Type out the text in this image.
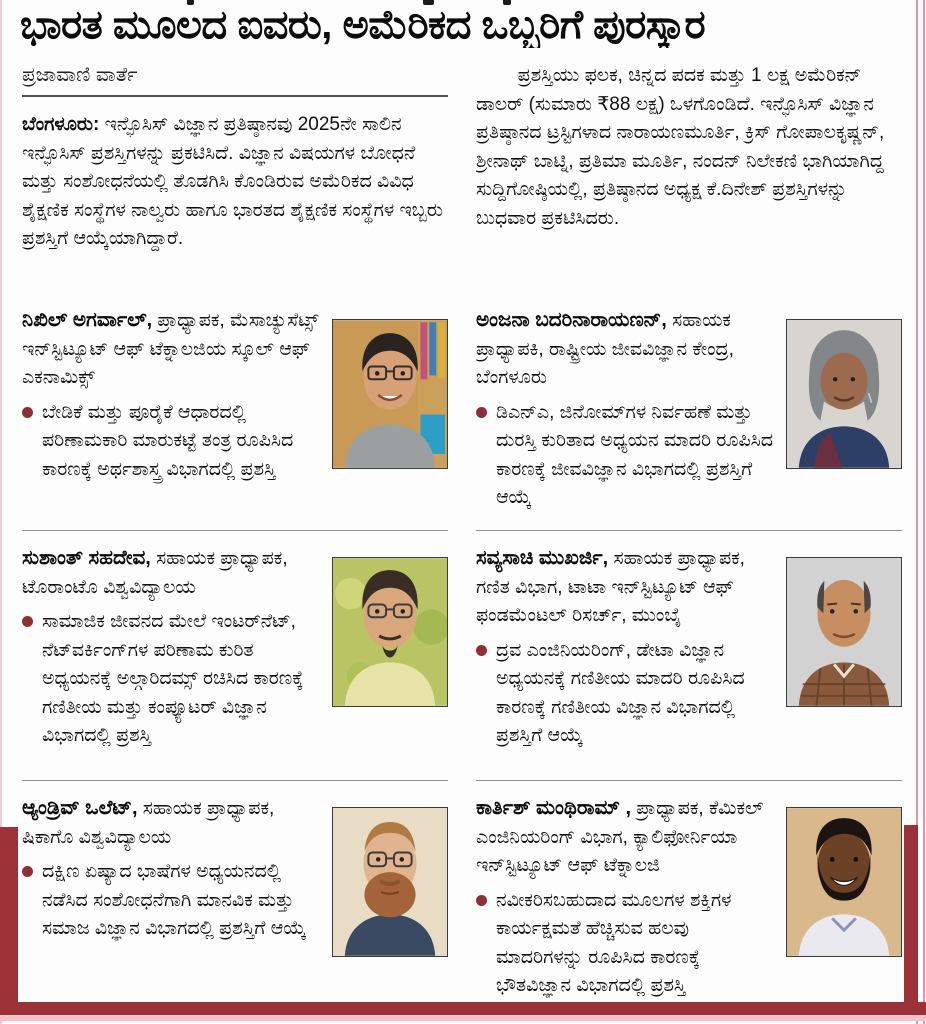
ಭಾರತ ಮೂಲದ ಐವರು, ಅಮೆರಿಕದ ಒಬ್ಬರಿಗೆ ಪುರಸ್ಕಾರ
ಪ್ರಜಾವಾಣಿ ವಾರ್ತೆ

ಬೆಂಗಳೂರು: ಇನ್ಫೊಸಿಸ್ ವಿಜ್ಞಾನ ಪ್ರತಿಷ್ಠಾನವು 2025ನೇ ಸಾಲಿನ ಇನ್ಫೊಸಿಸ್ ಪ್ರಶಸ್ತಿಗಳನ್ನು ಪ್ರಕಟಿಸಿದೆ. ವಿಜ್ಞಾನ ವಿಷಯಗಳ ಬೋಧನೆ ಮತ್ತು ಸಂಶೋಧನೆಯಲ್ಲಿ ತೊಡಗಿಸಿ ಕೊಂಡಿರುವ ಅಮೆರಿಕದ ವಿವಿಧ ಶೈಕ್ಷಣಿಕ ಸಂಸ್ಥೆಗಳ ನಾಲ್ವರು ಹಾಗೂ ಭಾರತದ ಶೈಕ್ಷಣಿಕ ಸಂಸ್ಥೆಗಳ ಇಬ್ಬರು ಪ್ರಶಸ್ತಿಗೆ ಆಯ್ಕೆಯಾಗಿದ್ದಾರೆ.

ಪ್ರಶಸ್ತಿಯು ಫಲಕ, ಚಿನ್ನದ ಪದಕ ಮತ್ತು 1 ಲಕ್ಷ ಅಮೆರಿಕನ್ ಡಾಲರ್ (ಸುಮಾರು ₹88 ಲಕ್ಷ) ಒಳಗೊಂಡಿದೆ. ಇನ್ಫೊಸಿಸ್ ವಿಜ್ಞಾನ ಪ್ರತಿಷ್ಠಾನದ ಟ್ರಸ್ಟಿಗಳಾದ ನಾರಾಯಣಮೂರ್ತಿ, ಕ್ರಿಸ್ ಗೋಪಾಲಕೃಷ್ಣನ್, ಶ್ರೀನಾಥ್ ಬಾಟ್ನಿ, ಪ್ರತಿಮಾ ಮೂರ್ತಿ, ನಂದನ್ ನಿಲೇಕಣಿ ಭಾಗಿಯಾಗಿದ್ದ ಸುದ್ದಿಗೋಷ್ಠಿಯಲ್ಲಿ, ಪ್ರತಿಷ್ಠಾನದ ಅಧ್ಯಕ್ಷ ಕೆ.ದಿನೇಶ್ ಪ್ರಶಸ್ತಿಗಳನ್ನು ಬುಧವಾರ ಪ್ರಕಟಿಸಿದರು.

ನಿಖಿಲ್ ಅಗರ್ವಾಲ್, ಪ್ರಾಧ್ಯಾಪಕ, ಮೆಸಾಚ್ಯುಸೆಟ್ಸ್ ಇನ್‌ಸ್ಟಿಟ್ಯೂಟ್ ಆಫ್ ಟೆಕ್ನಾಲಜಿಯ ಸ್ಕೂಲ್ ಆಫ್ ಎಕನಾಮಿಕ್ಸ್

ಬೇಡಿಕೆ ಮತ್ತು ಪೂರೈಕೆ ಆಧಾರದಲ್ಲಿ ಪರಿಣಾಮಕಾರಿ ಮಾರುಕಟ್ಟೆ ತಂತ್ರ ರೂಪಿಸಿದ ಕಾರಣಕ್ಕೆ ಅರ್ಥಶಾಸ್ತ್ರ ವಿಭಾಗದಲ್ಲಿ ಪ್ರಶಸ್ತಿ

ಅಂಜನಾ ಬದರಿನಾರಾಯಣನ್, ಸಹಾಯಕ ಪ್ರಾಧ್ಯಾಪಕಿ, ರಾಷ್ಟ್ರೀಯ ಜೀವವಿಜ್ಞಾನ ಕೇಂದ್ರ, ಬೆಂಗಳೂರು

ಡಿಎನ್‌ಎ, ಜಿನೋಮ್‌ಗಳ ನಿರ್ವಹಣೆ ಮತ್ತು ದುರಸ್ತಿ ಕುರಿತಾದ ಅಧ್ಯಯನ ಮಾದರಿ ರೂಪಿಸಿದ ಕಾರಣಕ್ಕೆ ಜೀವವಿಜ್ಞಾನ ವಿಭಾಗದಲ್ಲಿ ಪ್ರಶಸ್ತಿಗೆ ಆಯ್ಕೆ

ಸುಶಾಂತ್ ಸಹದೇವ, ಸಹಾಯಕ ಪ್ರಾಧ್ಯಾಪಕ, ಟೊರಾಂಟೊ ವಿಶ್ವವಿದ್ಯಾಲಯ

ಸಾಮಾಜಿಕ ಜೀವನದ ಮೇಲೆ ಇಂಟರ್‌ನೆಟ್, ನೆಟ್‌ವರ್ಕಿಂಗ್‌ಗಳ ಪರಿಣಾಮ ಕುರಿತ ಅಧ್ಯಯನಕ್ಕೆ ಅಲ್ಗಾರಿದಮ್ಸ್ ರಚಿಸಿದ ಕಾರಣಕ್ಕೆ ಗಣಿತೀಯ ಮತ್ತು ಕಂಪ್ಯೂಟರ್ ವಿಜ್ಞಾನ ವಿಭಾಗದಲ್ಲಿ ಪ್ರಶಸ್ತಿ

ಸವ್ಯಸಾಚಿ ಮುಖರ್ಜಿ, ಸಹಾಯಕ ಪ್ರಾಧ್ಯಾಪಕ, ಗಣಿತ ವಿಭಾಗ, ಟಾಟಾ ಇನ್‌ಸ್ಟಿಟ್ಯೂಟ್ ಆಫ್ ಫಂಡಮೆಂಟಲ್ ರಿಸರ್ಚ್, ಮುಂಬೈ

ದ್ರವ ಎಂಜಿನಿಯರಿಂಗ್, ಡೇಟಾ ವಿಜ್ಞಾನ ಅಧ್ಯಯನಕ್ಕೆ ಗಣಿತೀಯ ಮಾದರಿ ರೂಪಿಸಿದ ಕಾರಣಕ್ಕೆ ಗಣಿತೀಯ ವಿಜ್ಞಾನ ವಿಭಾಗದಲ್ಲಿ ಪ್ರಶಸ್ತಿಗೆ ಆಯ್ಕೆ

ಆ್ಯಂಡ್ರಿವ್ ಒಲೆಟ್, ಸಹಾಯಕ ಪ್ರಾಧ್ಯಾಪಕ, ಷಿಕಾಗೊ ವಿಶ್ವವಿದ್ಯಾಲಯ

ದಕ್ಷಿಣ ಏಷ್ಯಾದ ಭಾಷೆಗಳ ಅಧ್ಯಯನದಲ್ಲಿ ನಡೆಸಿದ ಸಂಶೋಧನೆಗಾಗಿ ಮಾನವಿಕ ಮತ್ತು ಸಮಾಜ ವಿಜ್ಞಾನ ವಿಭಾಗದಲ್ಲಿ ಪ್ರಶಸ್ತಿಗೆ ಆಯ್ಕೆ

ಕಾರ್ತಿಶ್ ಮಂಥಿರಾಮ್ , ಪ್ರಾಧ್ಯಾಪಕ, ಕೆಮಿಕಲ್ ಎಂಜಿನಿಯರಿಂಗ್ ವಿಭಾಗ, ಕ್ಯಾಲಿಫೋರ್ನಿಯಾ ಇನ್‌ಸ್ಟಿಟ್ಯೂಟ್ ಆಫ್ ಟೆಕ್ನಾಲಜಿ

ನವೀಕರಿಸಬಹುದಾದ ಮೂಲಗಳ ಶಕ್ತಿಗಳ ಕಾರ್ಯಕ್ಷಮತೆ ಹೆಚ್ಚಿಸುವ ಹಲವು ಮಾದರಿಗಳನ್ನು ರೂಪಿಸಿದ ಕಾರಣಕ್ಕೆ ಭೌತವಿಜ್ಞಾನ ವಿಭಾಗದಲ್ಲಿ ಪ್ರಶಸ್ತಿ
